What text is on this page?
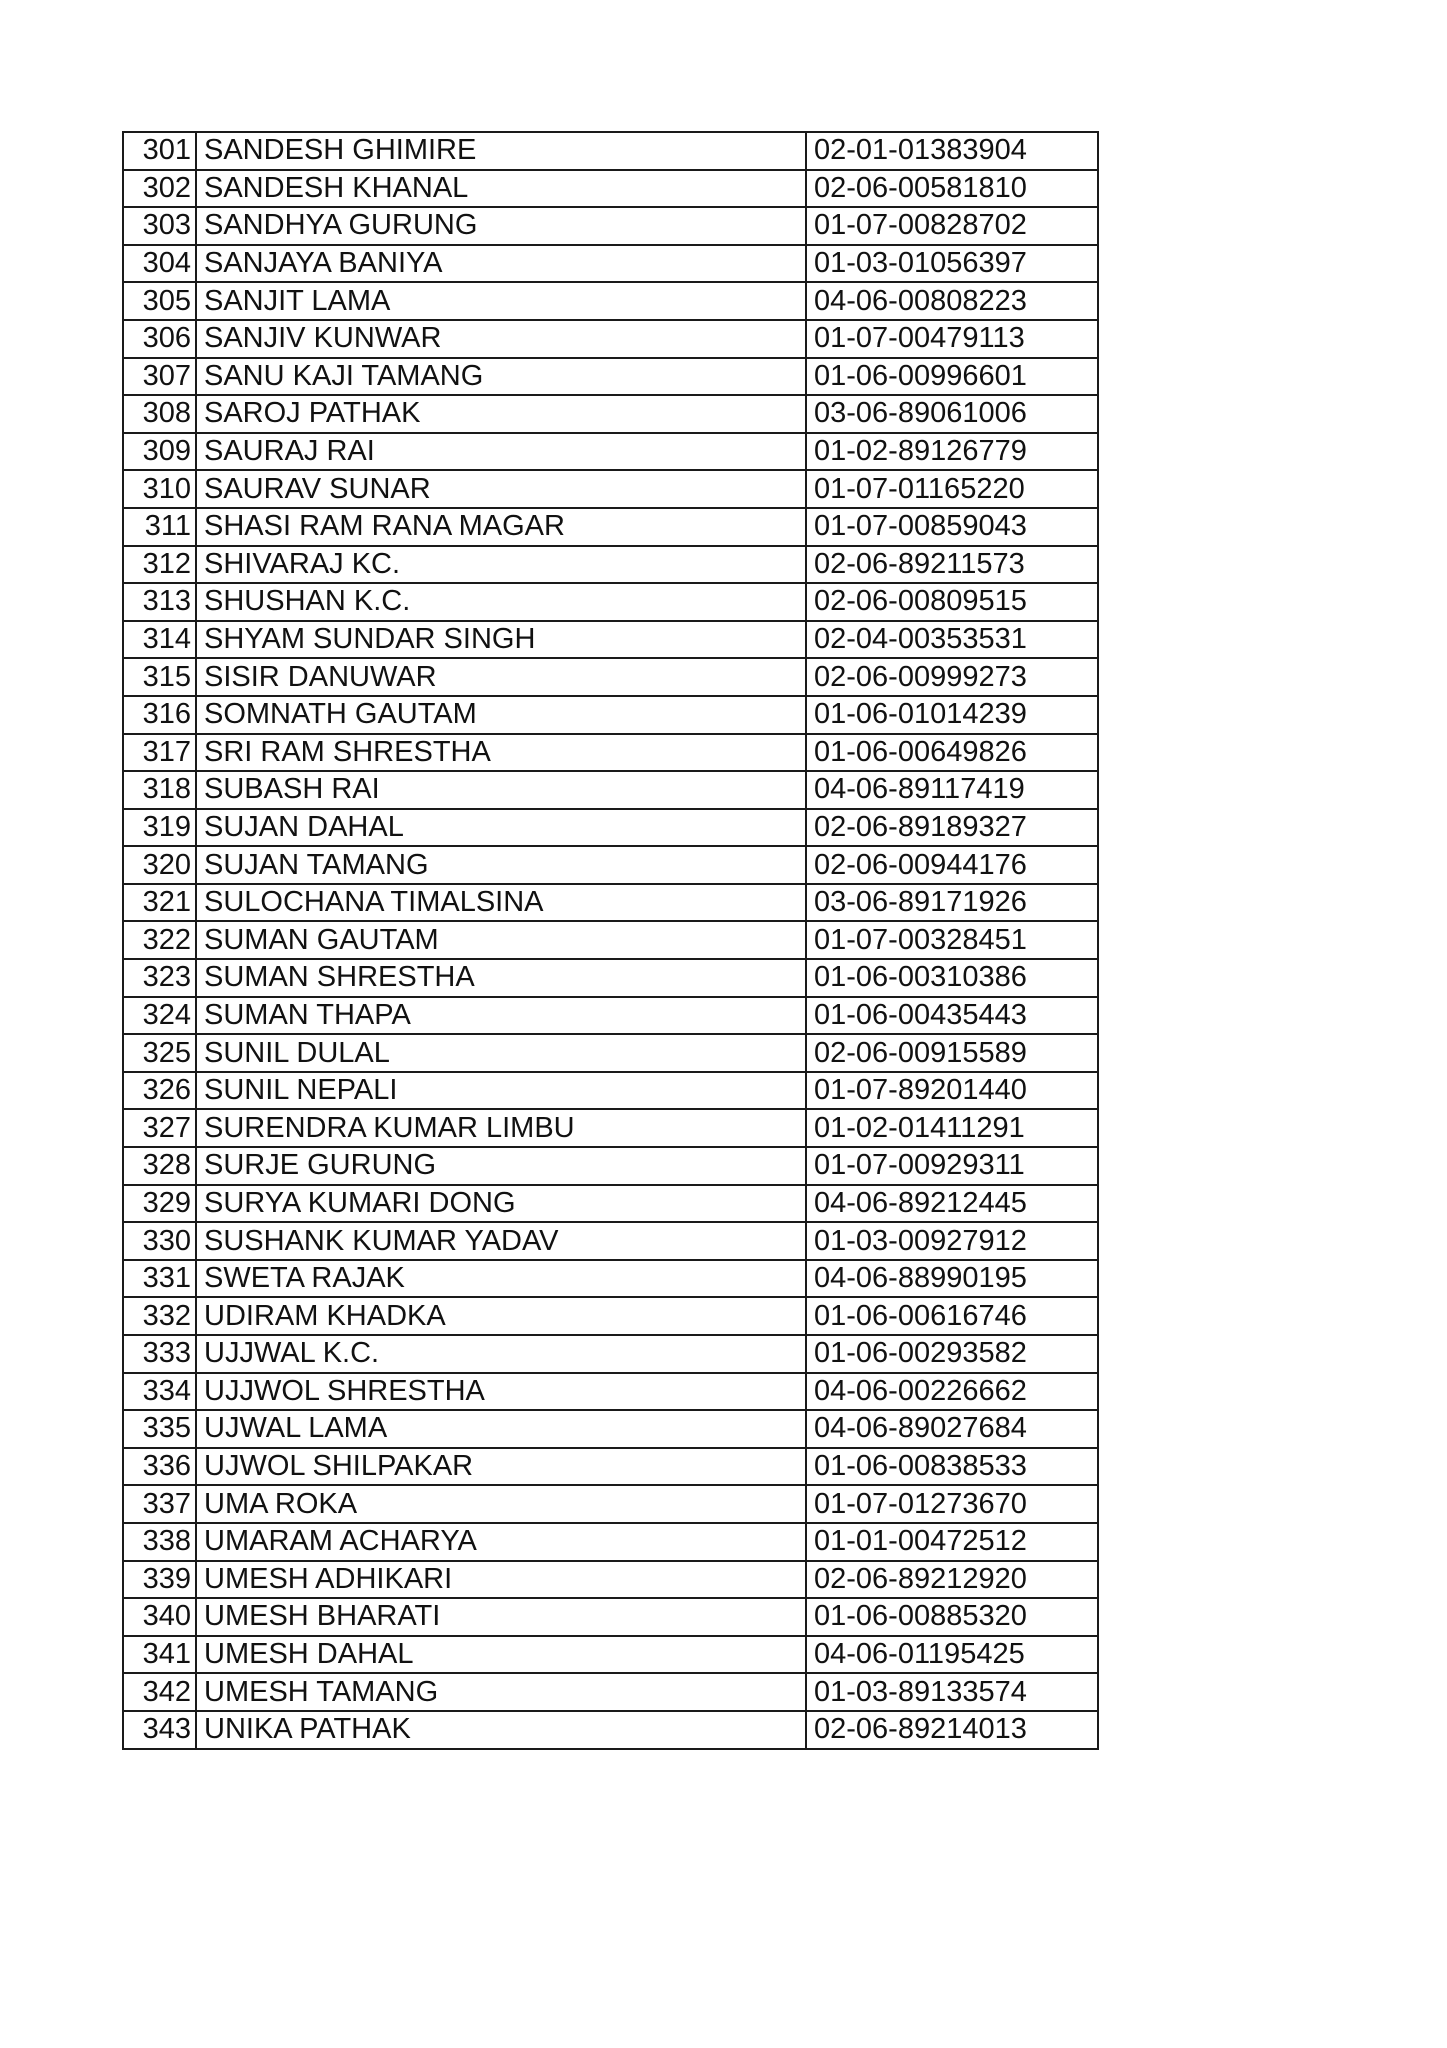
301	SANDESH GHIMIRE	02-01-01383904
302	SANDESH KHANAL	02-06-00581810
303	SANDHYA GURUNG	01-07-00828702
304	SANJAYA BANIYA	01-03-01056397
305	SANJIT LAMA	04-06-00808223
306	SANJIV KUNWAR	01-07-00479113
307	SANU KAJI TAMANG	01-06-00996601
308	SAROJ PATHAK	03-06-89061006
309	SAURAJ RAI	01-02-89126779
310	SAURAV SUNAR	01-07-01165220
311	SHASI RAM RANA MAGAR	01-07-00859043
312	SHIVARAJ KC.	02-06-89211573
313	SHUSHAN K.C.	02-06-00809515
314	SHYAM SUNDAR SINGH	02-04-00353531
315	SISIR DANUWAR	02-06-00999273
316	SOMNATH GAUTAM	01-06-01014239
317	SRI RAM SHRESTHA	01-06-00649826
318	SUBASH RAI	04-06-89117419
319	SUJAN DAHAL	02-06-89189327
320	SUJAN TAMANG	02-06-00944176
321	SULOCHANA TIMALSINA	03-06-89171926
322	SUMAN GAUTAM	01-07-00328451
323	SUMAN SHRESTHA	01-06-00310386
324	SUMAN THAPA	01-06-00435443
325	SUNIL DULAL	02-06-00915589
326	SUNIL NEPALI	01-07-89201440
327	SURENDRA KUMAR LIMBU	01-02-01411291
328	SURJE GURUNG	01-07-00929311
329	SURYA KUMARI DONG	04-06-89212445
330	SUSHANK KUMAR YADAV	01-03-00927912
331	SWETA RAJAK	04-06-88990195
332	UDIRAM KHADKA	01-06-00616746
333	UJJWAL K.C.	01-06-00293582
334	UJJWOL SHRESTHA	04-06-00226662
335	UJWAL LAMA	04-06-89027684
336	UJWOL SHILPAKAR	01-06-00838533
337	UMA ROKA	01-07-01273670
338	UMARAM ACHARYA	01-01-00472512
339	UMESH ADHIKARI	02-06-89212920
340	UMESH BHARATI	01-06-00885320
341	UMESH DAHAL	04-06-01195425
342	UMESH TAMANG	01-03-89133574
343	UNIKA PATHAK	02-06-89214013
